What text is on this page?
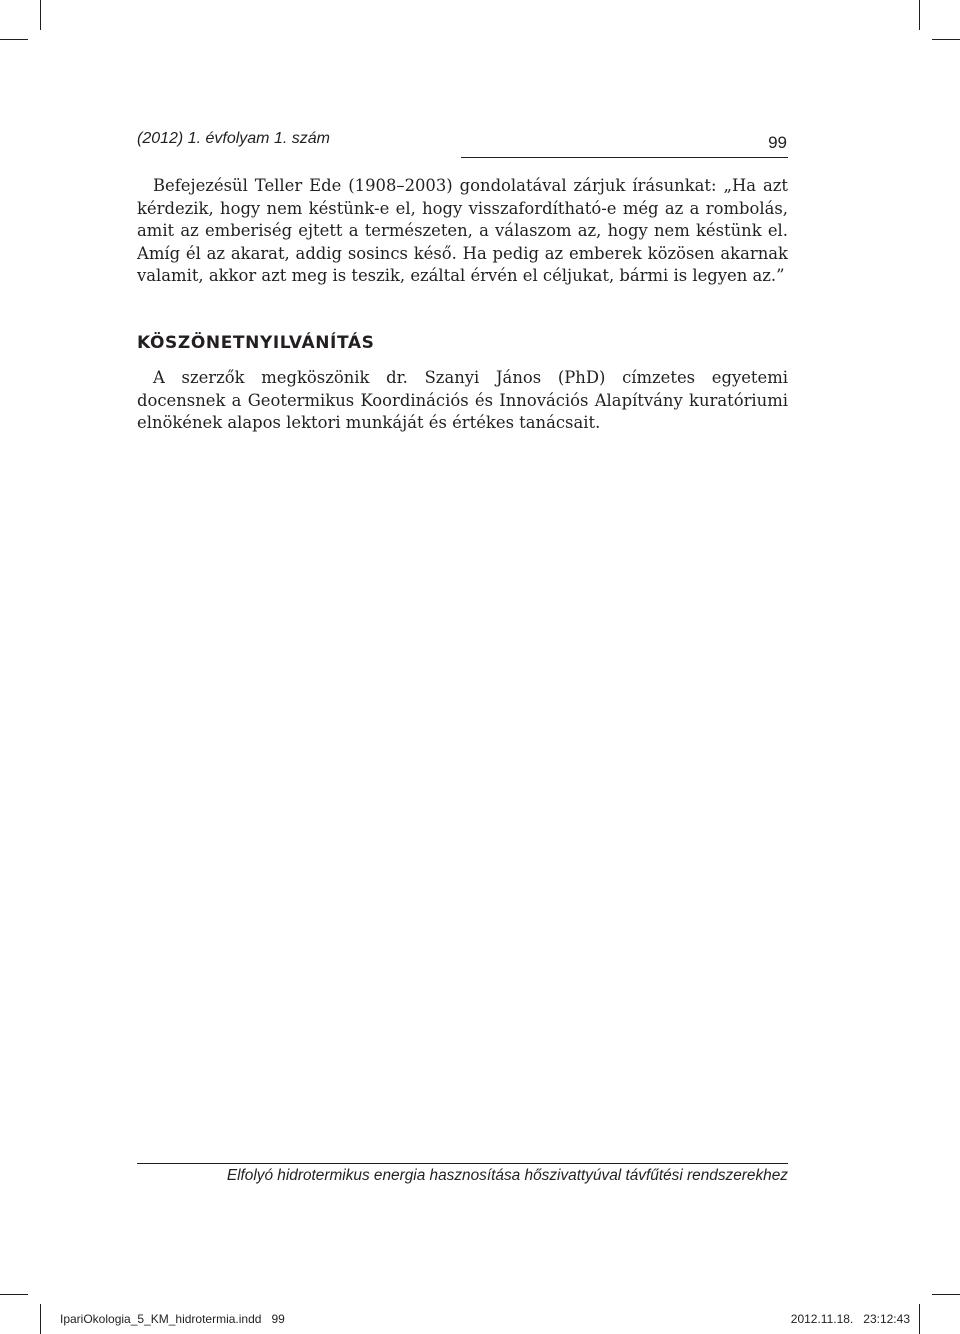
(2012) 1. évfolyam 1. szám	99
Befejezésül Teller Ede (1908–2003) gondolatával zárjuk írásunkat: „Ha azt kérdezik, hogy nem késtünk-e el, hogy visszafordítható-e még az a rombolás, amit az emberiség ejtett a természeten, a válaszom az, hogy nem késtünk el. Amíg él az akarat, addig sosincs késő. Ha pedig az emberek közösen akarnak valamit, akkor azt meg is teszik, ezáltal érvén el céljukat, bármi is legyen az.”
KÖSZÖNETNYILVÁNÍTÁS
A szerzők megköszönik dr. Szanyi János (PhD) címzetes egyetemi docensnek a Geotermikus Koordinációs és Innovációs Alapítvány kuratóriumi elnökének alapos lektori munkáját és értékes tanácsait.
Elfolyó hidrotermikus energia hasznosítása hőszivattyúval távfűtési rendszerekhez
IpariOkologia_5_KM_hidrotermia.indd   99	2012.11.18. 23:12:43
